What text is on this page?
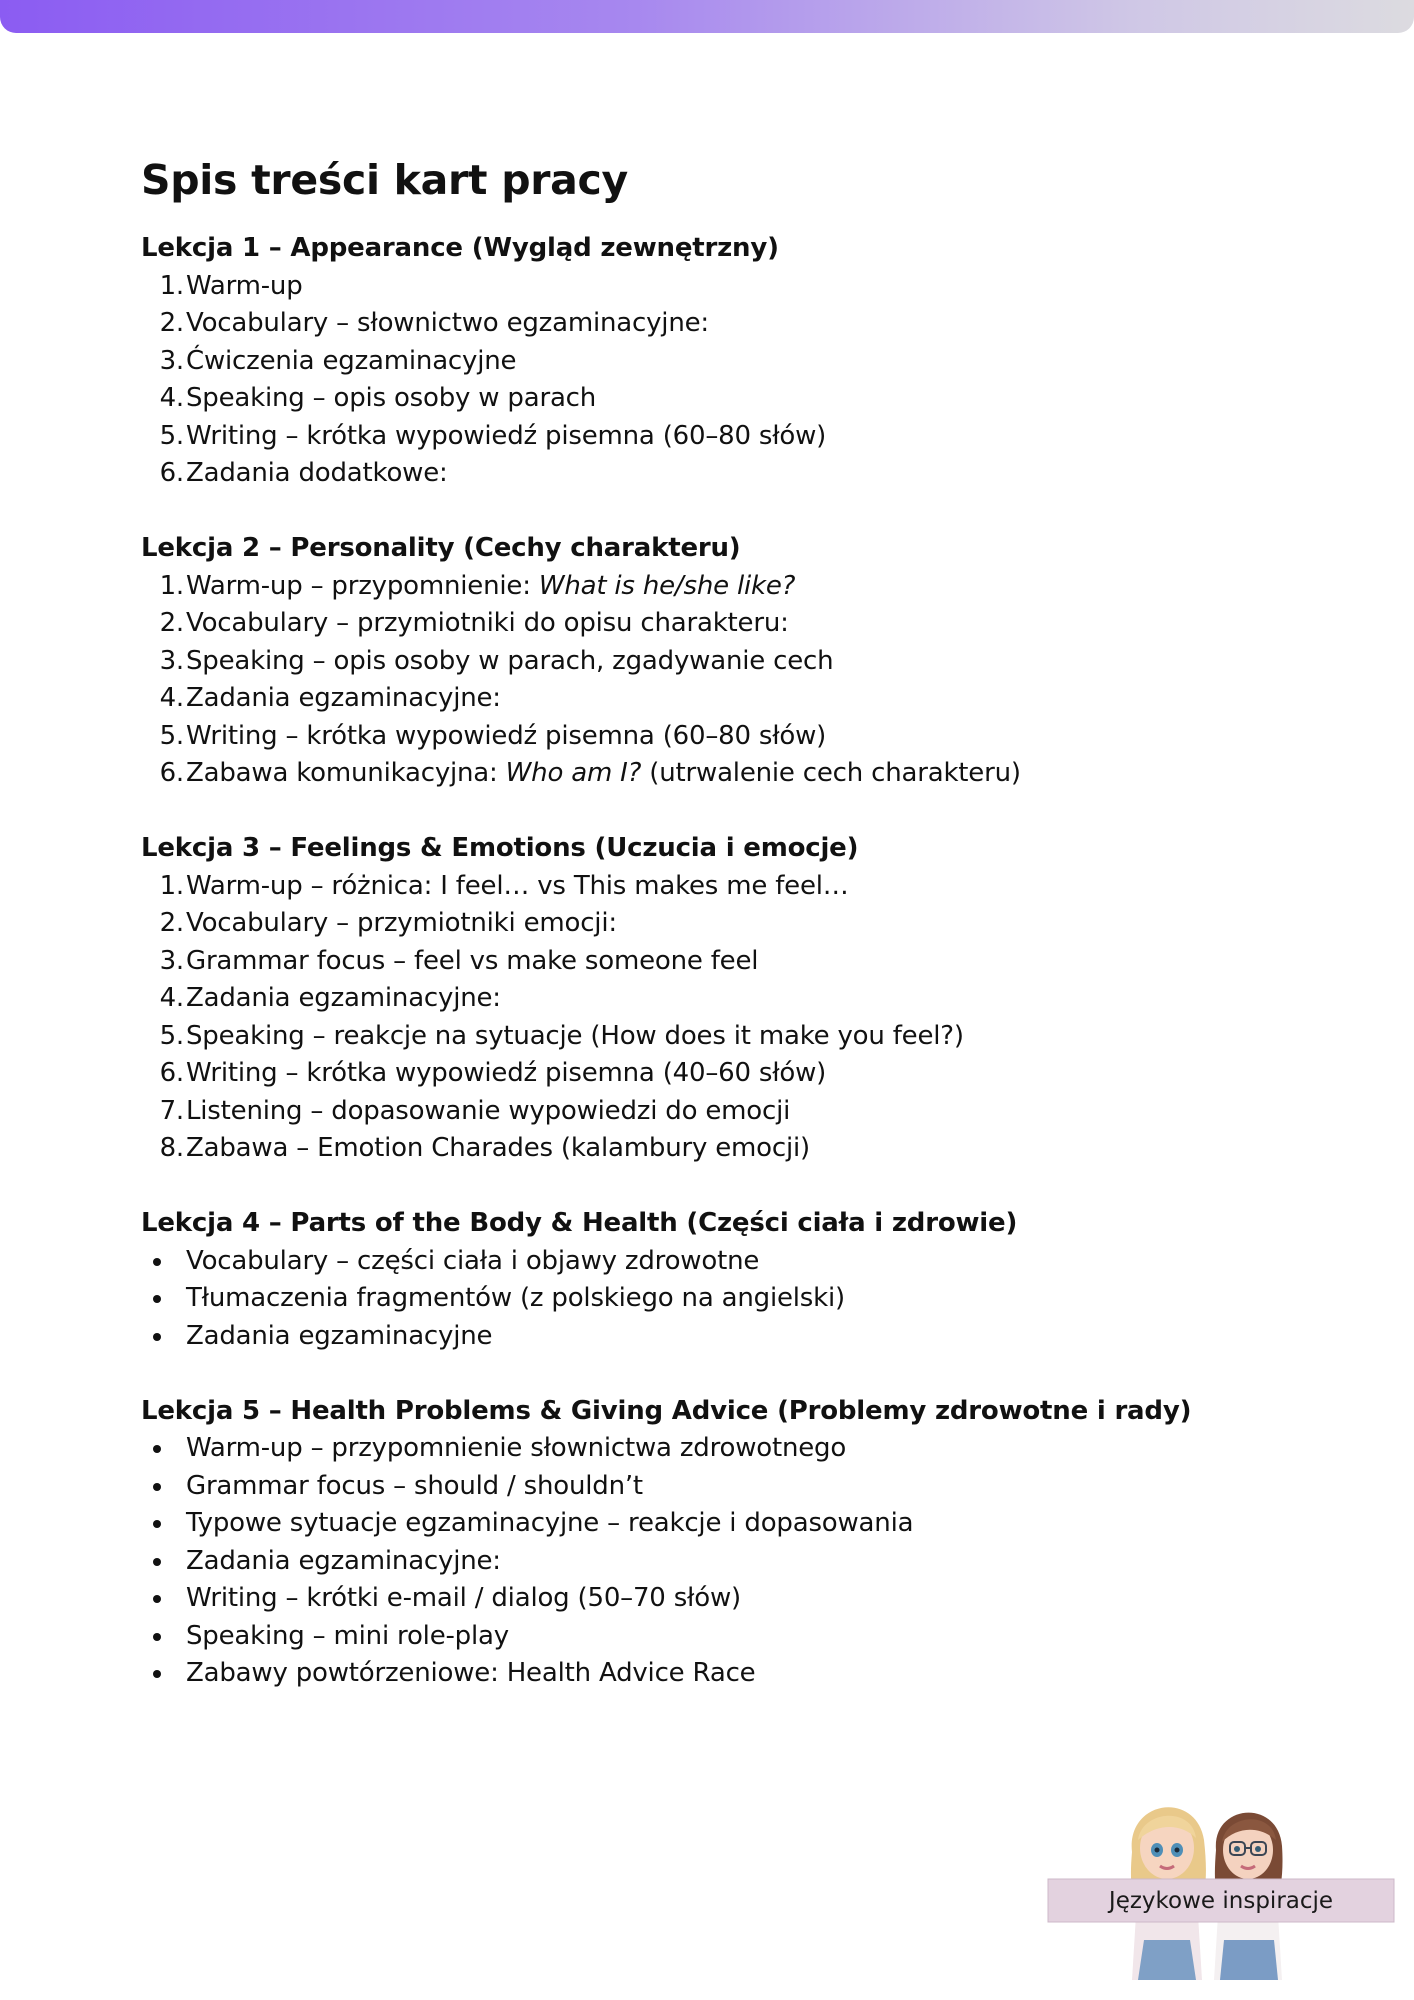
Spis treści kart pracy
Lekcja 1 – Appearance (Wygląd zewnętrzny)
1. Warm-up
2. Vocabulary – słownictwo egzaminacyjne:
3. Ćwiczenia egzaminacyjne
4. Speaking – opis osoby w parach
5. Writing – krótka wypowiedź pisemna (60–80 słów)
6. Zadania dodatkowe:
Lekcja 2 – Personality (Cechy charakteru)
1. Warm-up – przypomnienie: What is he/she like?
2. Vocabulary – przymiotniki do opisu charakteru:
3. Speaking – opis osoby w parach, zgadywanie cech
4. Zadania egzaminacyjne:
5. Writing – krótka wypowiedź pisemna (60–80 słów)
6. Zabawa komunikacyjna: Who am I? (utrwalenie cech charakteru)
Lekcja 3 – Feelings & Emotions (Uczucia i emocje)
1. Warm-up – różnica: I feel… vs This makes me feel…
2. Vocabulary – przymiotniki emocji:
3. Grammar focus – feel vs make someone feel
4. Zadania egzaminacyjne:
5. Speaking – reakcje na sytuacje (How does it make you feel?)
6. Writing – krótka wypowiedź pisemna (40–60 słów)
7. Listening – dopasowanie wypowiedzi do emocji
8. Zabawa – Emotion Charades (kalambury emocji)
Lekcja 4 – Parts of the Body & Health (Części ciała i zdrowie)
Vocabulary – części ciała i objawy zdrowotne
Tłumaczenia fragmentów (z polskiego na angielski)
Zadania egzaminacyjne
Lekcja 5 – Health Problems & Giving Advice (Problemy zdrowotne i rady)
Warm-up – przypomnienie słownictwa zdrowotnego
Grammar focus – should / shouldn’t
Typowe sytuacje egzaminacyjne – reakcje i dopasowania
Zadania egzaminacyjne:
Writing – krótki e-mail / dialog (50–70 słów)
Speaking – mini role-play
Zabawy powtórzeniowe: Health Advice Race
Językowe inspiracje
